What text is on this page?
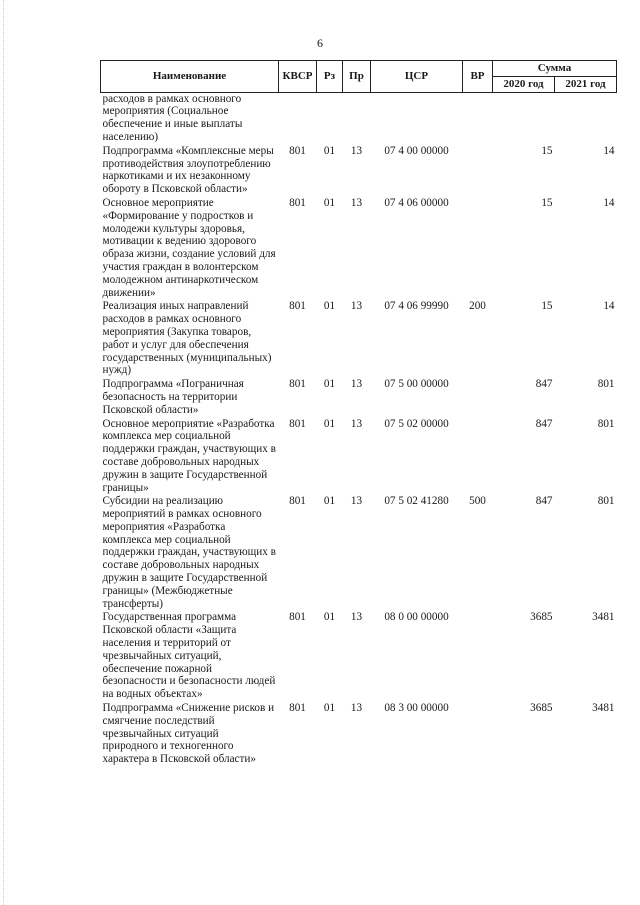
6
Наименование	КВСР	Рз	Пр	ЦСР	ВР	Сумма	
						2020 год	2021 год
расходов в рамках основного мероприятия (Социальное обеспечение и иные выплаты населению)							
Подпрограмма «Комплексные меры противодействия злоупотреблению наркотиками и их незаконному обороту в Псковской области»	801	01	13	07 4 00 00000		15	14
Основное мероприятие «Формирование у подростков и молодежи культуры здоровья, мотивации к ведению здорового образа жизни, создание условий для участия граждан в волонтерском молодежном антинаркотическом движении»	801	01	13	07 4 06 00000		15	14
Реализация иных направлений расходов в рамках основного мероприятия (Закупка товаров, работ и услуг для обеспечения государственных (муниципальных) нужд)	801	01	13	07 4 06 99990	200	15	14
Подпрограмма «Пограничная безопасность на территории Псковской области»	801	01	13	07 5 00 00000		847	801
Основное мероприятие «Разработка комплекса мер социальной поддержки граждан, участвующих в составе добровольных народных дружин в защите Государственной границы»	801	01	13	07 5 02 00000		847	801
Субсидии на реализацию мероприятий в рамках основного мероприятия «Разработка комплекса мер социальной поддержки граждан, участвующих в составе добровольных народных дружин в защите Государственной границы» (Межбюджетные трансферты)	801	01	13	07 5 02 41280	500	847	801
Государственная программа Псковской области «Защита населения и территорий от чрезвычайных ситуаций, обеспечение пожарной безопасности и безопасности людей на водных объектах»	801	01	13	08 0 00 00000		3685	3481
Подпрограмма «Снижение рисков и смягчение последствий чрезвычайных ситуаций природного и техногенного характера в Псковской области»	801	01	13	08 3 00 00000		3685	3481
